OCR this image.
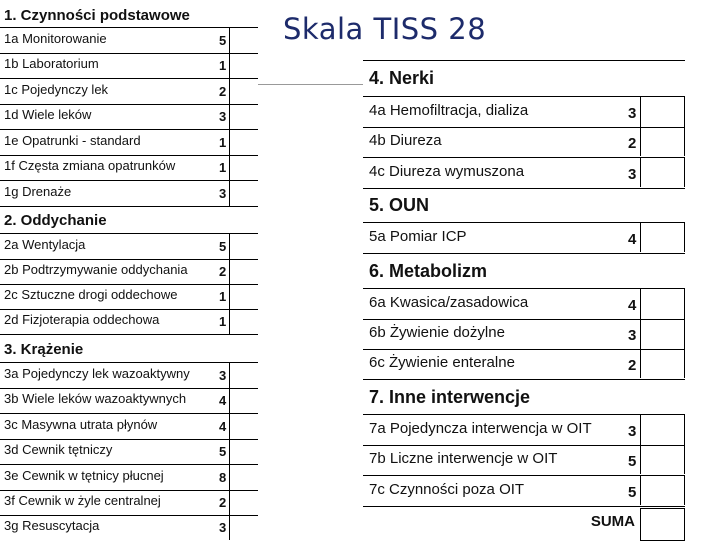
Skala TISS 28
1. Czynności podstawowe
1a Monitorowanie	5
1b Laboratorium	1
1c Pojedynczy lek	2
1d Wiele leków	3
1e Opatrunki - standard	1
1f Częsta zmiana opatrunków	1
1g Drenaże	3
2. Oddychanie
2a Wentylacja	5
2b Podtrzymywanie oddychania 2
2c Sztuczne drogi oddechowe	1
2d Fizjoterapia oddechowa	1
3. Krążenie
3a Pojedynczy lek wazoaktywny 3
3b Wiele leków wazoaktywnych	4
3c Masywna utrata płynów	4
3d Cewnik tętniczy	5
3e Cewnik w tętnicy płucnej	8
3f Cewnik w żyle centralnej	2
3g Resuscytacja	3
4. Nerki
4a Hemofiltracja, dializa	3
4b Diureza	2
4c Diureza wymuszona	3
5. OUN
5a Pomiar ICP	4
6. Metabolizm
6a Kwasica/zasadowica	4
6b Żywienie dożylne	3
6c Żywienie enteralne	2
7. Inne interwencje
7a Pojedyncza interwencja w OIT 3
7b Liczne interwencje w OIT	5
7c Czynności poza OIT	5
SUMA
